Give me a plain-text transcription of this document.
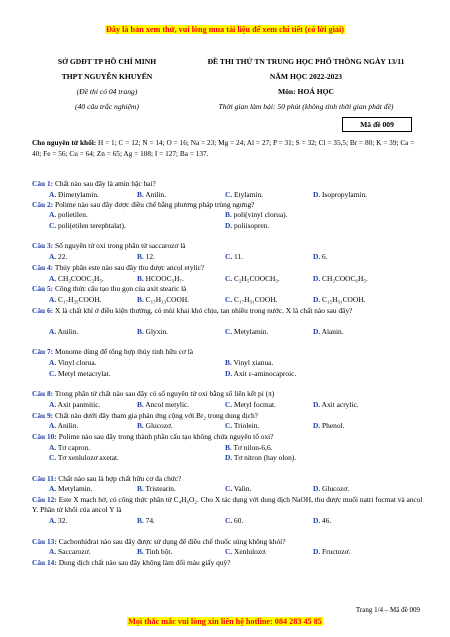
Đây là bản xem thử, vui lòng mua tài liệu để xem chi tiết (có lời giải)
SỞ GDĐT TP HỒ CHÍ MINH
THPT NGUYỄN KHUYẾN
(Đề thi có 04 trang)
(40 câu trắc nghiệm)
ĐỀ THI THỬ TN TRUNG HỌC PHỔ THÔNG NGÀY 13/11
NĂM HỌC 2022-2023
Môn: HOÁ HỌC
Thời gian làm bài: 50 phút (không tính thời gian phát đề)
Mã đề 009
Cho nguyên tử khối: H = 1; C = 12; N = 14; O = 16; Na = 23; Mg = 24; Al = 27; P = 31; S = 32; Cl = 35,5; Br = 80; K = 39; Ca = 40; Fe = 56; Cu = 64; Zn = 65; Ag = 108; I = 127; Ba = 137.
Câu 1: Chất nào sau đây là amin bậc hai?
A. Đimetylamin.	B. Anilin.	C. Etylamin.	D. Isopropylamin.
Câu 2: Polime nào sau đây được điều chế bằng phương pháp trùng ngưng?
A. polietilen.	B. poli(vinyl clorua).
C. poli(etilen terephtalat).	D. poliisopren.
Câu 3: Số nguyên tử oxi trong phân tử saccarozơ là
A. 22.	B. 12.	C. 11.	D. 6.
Câu 4: Thủy phân este nào sau đây thu được ancol etylic?
A. CH₃COOC₂H₅.	B. HCOOC₃H₇.	C. C₂H₅COOCH₃.	D. CH₃COOC₆H₅.
Câu 5: Công thức cấu tạo thu gọn của axit stearic là
A. C₁₇H₃₅COOH.	B. C₁₇H₃₃COOH.	C. C₁₇H₃₁COOH.	D. C₁₅H₃₁COOH.
Câu 6: X là chất khí ở điều kiện thường, có mùi khai khó chịu, tan nhiều trong nước. X là chất nào sau đây?
A. Anilin.	B. Glyxin.	C. Metylamin.	D. Alanin.
Câu 7: Monome dùng để tổng hợp thủy tinh hữu cơ là
A. Vinyl clorua.	B. Vinyl xianua.
C. Metyl metacrylat.	D. Axit ε-aminocaproic.
Câu 8: Trong phân tử chất nào sau đây có số nguyên tử oxi bằng số liên kết pi (π)
A. Axit panmitic.	B. Ancol metylic.	C. Metyl focmat.	D. Axit acrylic.
Câu 9: Chất nào dưới đây tham gia phản ứng cộng với Br₂ trong dung dịch?
A. Anilin.	B. Glucozơ.	C. Triolein.	D. Phenol.
Câu 10: Polime nào sau đây trong thành phần cấu tạo không chứa nguyên tố oxi?
A. Tơ capron.	B. Tơ nilon-6,6.
C. Tơ xenlulozơ axetat.	D. Tơ nitron (hay olon).
Câu 11: Chất nào sau là hợp chất hữu cơ đa chức?
A. Metylamin.	B. Tristearin.	C. Valin.	D. Glucozơ.
Câu 12: Este X mạch hở, có công thức phân tử C₄H₆O₂. Cho X tác dụng với dung dịch NaOH, thu được muối natri focmat và ancol Y. Phân tử khối của ancol Y là
A. 32.	B. 74.	C. 60.	D. 46.
Câu 13: Cacbonhiđrat nào sau đây được sử dụng để điều chế thuốc súng không khói?
A. Saccarozơ.	B. Tinh bột.	C. Xenlulozơ.	D. Fructozơ.
Câu 14: Dung dịch chất nào sau đây không làm đổi màu giấy quỳ?
Trang 1/4 – Mã đề 009
Mọi thắc mắc vui lòng xin liên hệ hotline: 084 283 45 85
